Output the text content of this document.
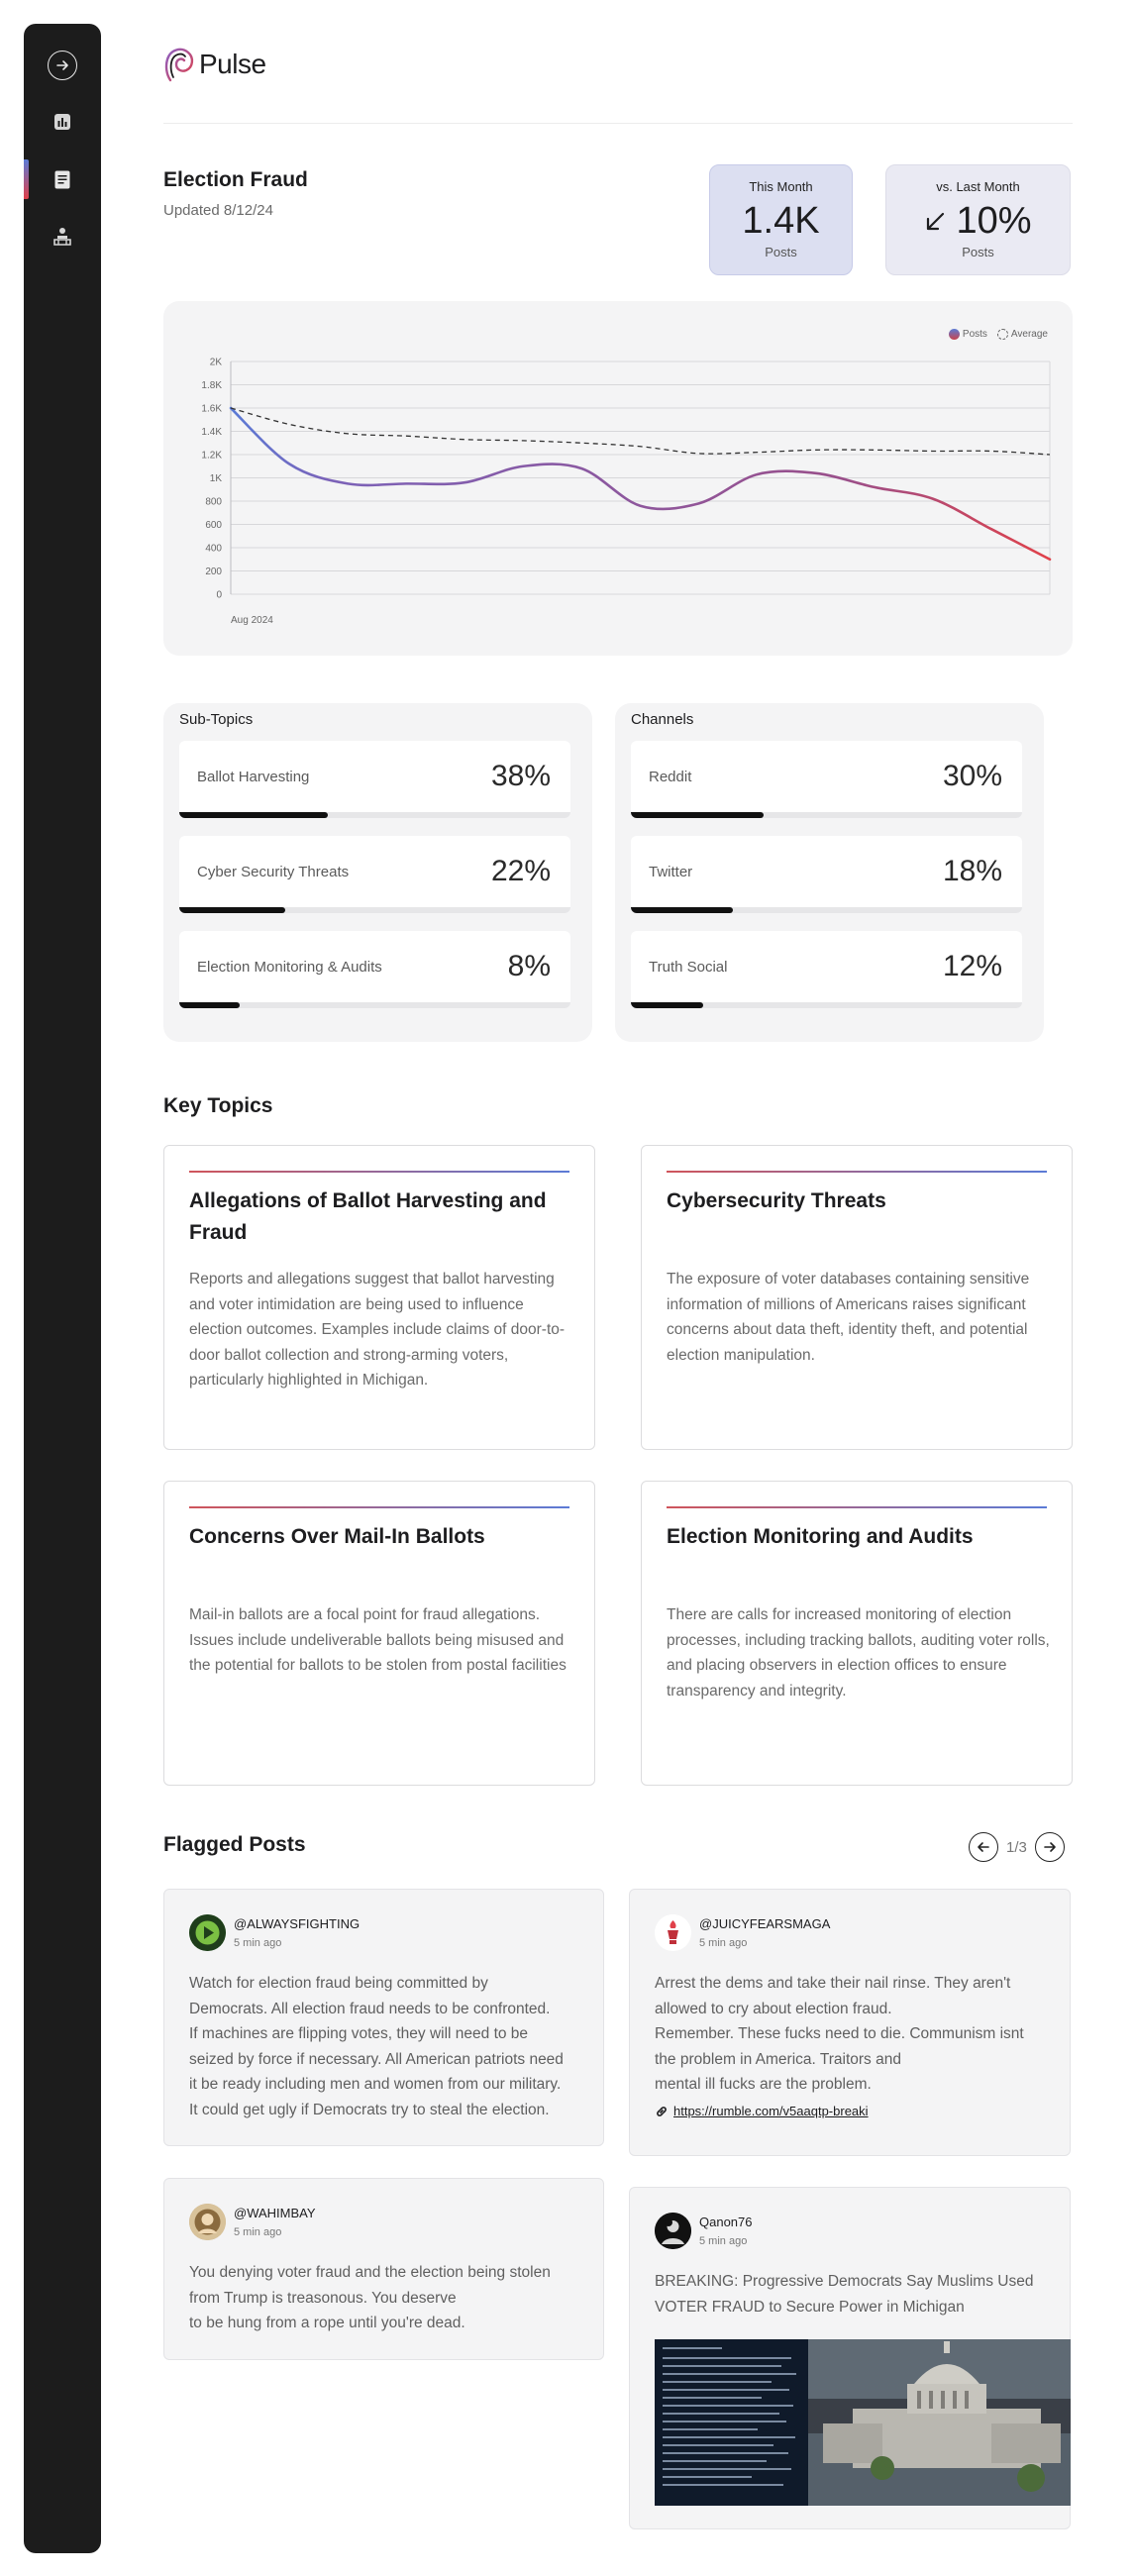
Pulse
Election Fraud
Updated 8/12/24
This Month
1.4K
Posts
vs. Last Month
10%
Posts
Posts Average
2K
1.8K
1.6K
1.4K
1.2K
1K
800
600
400
200
0
Aug 2024
Sub-Topics
Ballot Harvesting	38%
Cyber Security Threats	22%
Election Monitoring & Audits	8%
Channels
Reddit	30%
Twitter	18%
Truth Social	12%
Key Topics
Allegations of Ballot Harvesting and Fraud

Reports and allegations suggest that ballot harvesting and voter intimidation are being used to influence election outcomes. Examples include claims of door-to-door ballot collection and strong-arming voters, particularly highlighted in Michigan.

Cybersecurity Threats

The exposure of voter databases containing sensitive information of millions of Americans raises significant concerns about data theft, identity theft, and potential election manipulation.

Concerns Over Mail-In Ballots

Mail-in ballots are a focal point for fraud allegations. Issues include undeliverable ballots being misused and the potential for ballots to be stolen from postal facilities

Election Monitoring and Audits

There are calls for increased monitoring of election processes, including tracking ballots, auditing voter rolls, and placing observers in election offices to ensure transparency and integrity.

Flagged Posts	1/3
@ALWAYSFIGHTING
5 min ago

Watch for election fraud being committed by
Democrats. All election fraud needs to be confronted.
If machines are flipping votes, they will need to be
seized by force if necessary. All American patriots need
it be ready including men and women from our military.
It could get ugly if Democrats try to steal the election.

@JUICYFEARSMAGA
5 min ago

Arrest the dems and take their nail rinse. They aren't
allowed to cry about election fraud.
Remember. These fucks need to die. Communism isnt
the problem in America. Traitors and
mental ill fucks are the problem.

https://rumble.com/v5aaqtp-breaki
@WAHIMBAY
5 min ago

You denying voter fraud and the election being stolen
from Trump is treasonous. You deserve
to be hung from a rope until you're dead.

Qanon76
5 min ago

BREAKING: Progressive Democrats Say Muslims Used
VOTER FRAUD to Secure Power in Michigan
